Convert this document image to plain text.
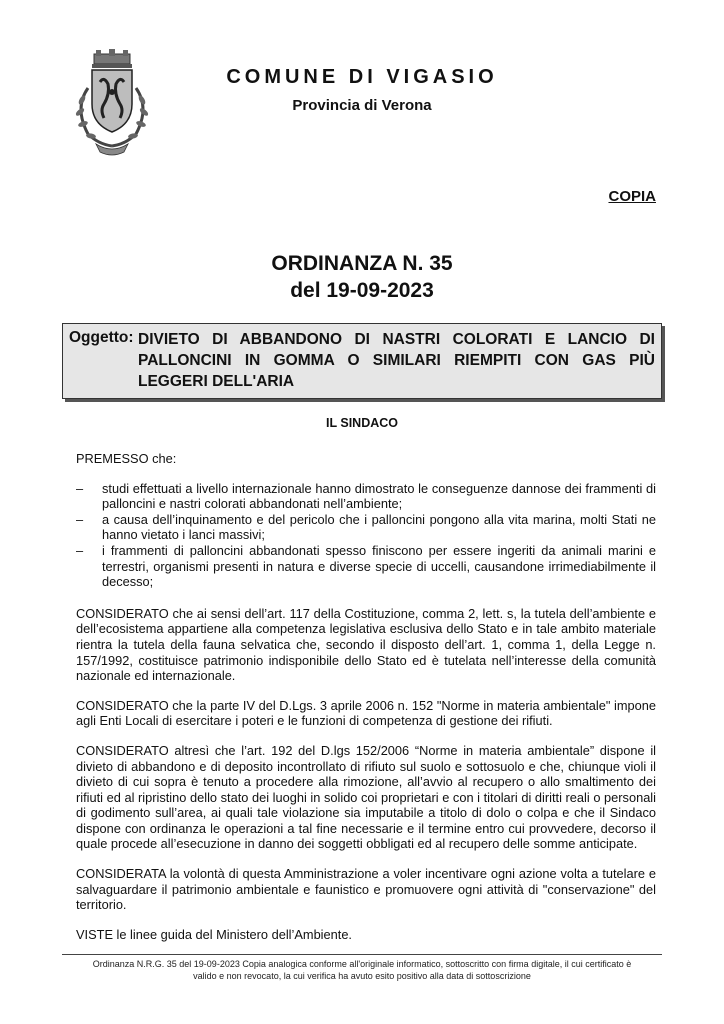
COMUNE DI VIGASIO
Provincia di Verona
COPIA
ORDINANZA N. 35
del 19-09-2023
Oggetto: DIVIETO DI ABBANDONO DI NASTRI COLORATI E LANCIO DI PALLONCINI IN GOMMA O SIMILARI RIEMPITI CON GAS PIÙ LEGGERI DELL'ARIA
IL SINDACO

PREMESSO che:

– studi effettuati a livello internazionale hanno dimostrato le conseguenze dannose dei frammenti di palloncini e nastri colorati abbandonati nell’ambiente;
– a causa dell’inquinamento e del pericolo che i palloncini pongono alla vita marina, molti Stati ne hanno vietato i lanci massivi;
– i frammenti di palloncini abbandonati spesso finiscono per essere ingeriti da animali marini e terrestri, organismi presenti in natura e diverse specie di uccelli, causandone irrimediabilmente il decesso;

CONSIDERATO che ai sensi dell’art. 117 della Costituzione, comma 2, lett. s, la tutela dell’ambiente e dell’ecosistema appartiene alla competenza legislativa esclusiva dello Stato e in tale ambito materiale rientra la tutela della fauna selvatica che, secondo il disposto dell’art. 1, comma 1, della Legge n. 157/1992, costituisce patrimonio indisponibile dello Stato ed è tutelata nell’interesse della comunità nazionale ed internazionale.

CONSIDERATO che la parte IV del D.Lgs. 3 aprile 2006 n. 152 "Norme in materia ambientale" impone agli Enti Locali di esercitare i poteri e le funzioni di competenza di gestione dei rifiuti.

CONSIDERATO altresì che l’art. 192 del D.lgs 152/2006 “Norme in materia ambientale” dispone il divieto di abbandono e di deposito incontrollato di rifiuto sul suolo e sottosuolo e che, chiunque violi il divieto di cui sopra è tenuto a procedere alla rimozione, all’avvio al recupero o allo smaltimento dei rifiuti ed al ripristino dello stato dei luoghi in solido coi proprietari e con i titolari di diritti reali o personali di godimento sull’area, ai quali tale violazione sia imputabile a titolo di dolo o colpa e che il Sindaco dispone con ordinanza le operazioni a tal fine necessarie e il termine entro cui provvedere, decorso il quale procede all’esecuzione in danno dei soggetti obbligati ed al recupero delle somme anticipate.

CONSIDERATA la volontà di questa Amministrazione a voler incentivare ogni azione volta a tutelare e salvaguardare il patrimonio ambientale e faunistico e promuovere ogni attività di "conservazione" del territorio.

VISTE le linee guida del Ministero dell’Ambiente.

Ordinanza N.R.G. 35 del 19-09-2023 Copia analogica conforme all'originale informatico, sottoscritto con firma digitale, il cui certificato è
valido e non revocato, la cui verifica ha avuto esito positivo alla data di sottoscrizione
